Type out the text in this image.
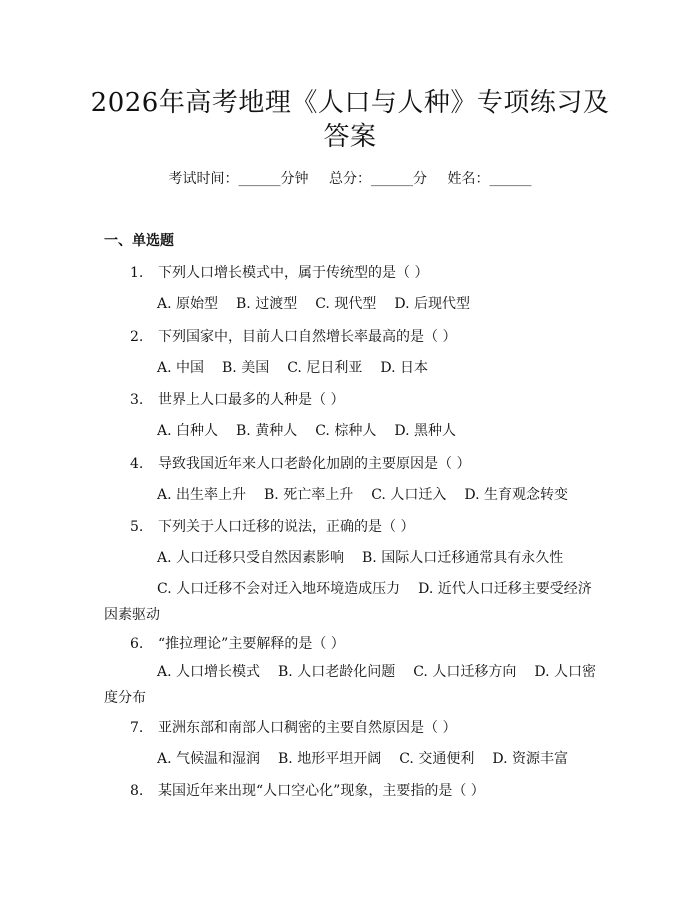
2026年高考地理《人口与人种》专项练习及
答案
考试时间：______分钟 总分：______分 姓名：______
一、单选题
1. 下列人口增长模式中，属于传统型的是（ ）
A. 原始型 B. 过渡型 C. 现代型 D. 后现代型
2. 下列国家中，目前人口自然增长率最高的是（ ）
A. 中国 B. 美国 C. 尼日利亚 D. 日本
3. 世界上人口最多的人种是（ ）
A. 白种人 B. 黄种人 C. 棕种人 D. 黑种人
4. 导致我国近年来人口老龄化加剧的主要原因是（ ）
A. 出生率上升 B. 死亡率上升 C. 人口迁入 D. 生育观念转变
5. 下列关于人口迁移的说法，正确的是（ ）
A. 人口迁移只受自然因素影响 B. 国际人口迁移通常具有永久性
C. 人口迁移不会对迁入地环境造成压力 D. 近代人口迁移主要受经济因素驱动
6. “推拉理论”主要解释的是（ ）
A. 人口增长模式 B. 人口老龄化问题 C. 人口迁移方向 D. 人口密度分布
7. 亚洲东部和南部人口稠密的主要自然原因是（ ）
A. 气候温和湿润 B. 地形平坦开阔 C. 交通便利 D. 资源丰富
8. 某国近年来出现“人口空心化”现象，主要指的是（ ）
